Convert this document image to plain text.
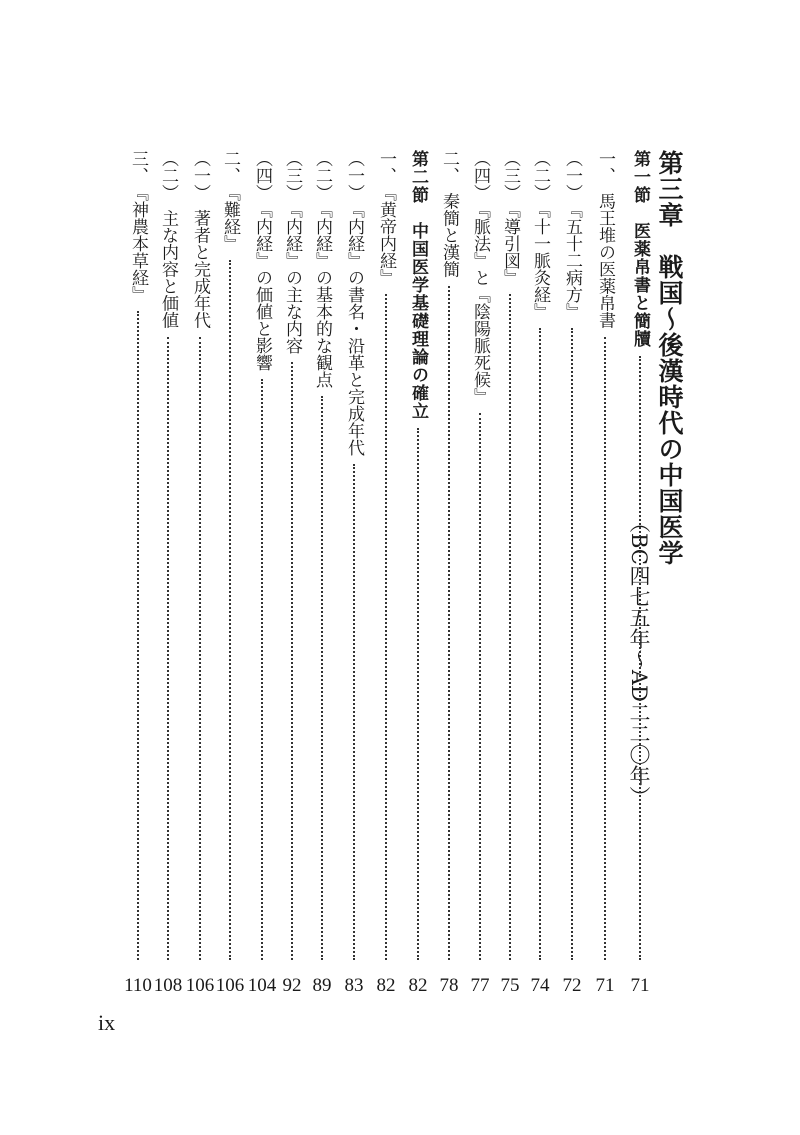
第三章　戦国～後漢時代の中国医学
（BC四七五年～AD二二〇年）
第一節　医薬帛書と簡牘
71
一、　馬王堆の医薬帛書
71
（一）　『五十二病方』
72
（二）　『十一脈灸経』
74
（三）　『導引図』
75
（四）　『脈法』と『陰陽脈死候』
77
二、　秦簡と漢簡
78
第二節　中国医学基礎理論の確立
82
一、　『黄帝内経』
82
（一）　『内経』の書名・沿革と完成年代
83
（二）　『内経』の基本的な観点
89
（三）　『内経』の主な内容
92
（四）　『内経』の価値と影響
104
二、　『難経』
106
（一）　著者と完成年代
106
（二）　主な内容と価値
108
三、　『神農本草経』
110
ix
